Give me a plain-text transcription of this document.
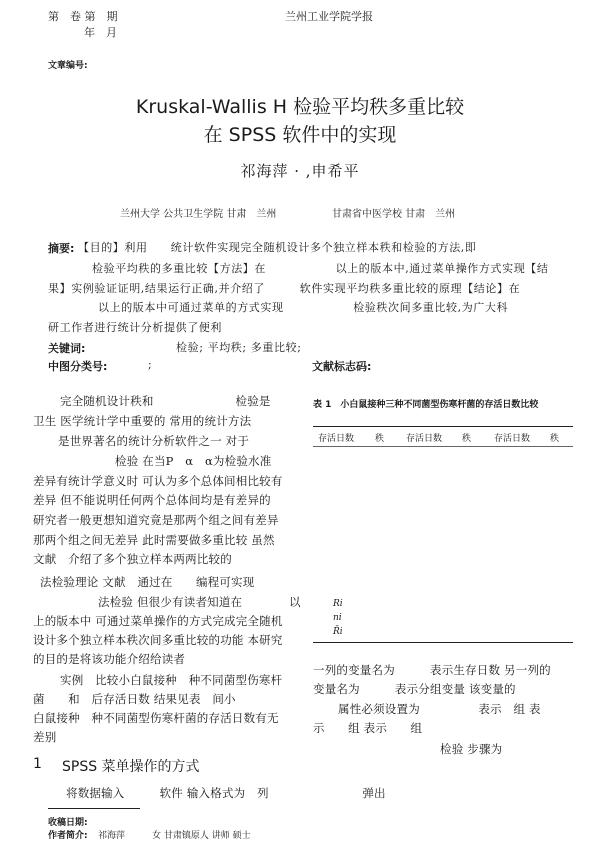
第　卷 第　期
年　月
兰州工业学院学报
文章编号:
Kruskal-Wallis H 检验平均秩多重比较
在 SPSS 软件中的实现
祁海萍 · ,申希平
兰州大学 公共卫生学院 甘肃　兰州	甘肃省中医学校 甘肃　兰州
摘要: 【目的】利用　　统计软件实现完全随机设计多个独立样本秩和检验的方法,即
检验平均秩的多重比较【方法】在　　　　　　以上的版本中,通过菜单操作方式实现【结
果】实例验证证明,结果运行正确,并介绍了　　　软件实现平均秩多重比较的原理【结论】在
以上的版本中可通过菜单的方式实现　　　　　　检验秩次间多重比较,为广大科
研工作者进行统计分析提供了便利
关键词:	检验; 平均秩; 多重比较;
中图分类号:	;	文献标志码:
完全随机设计秩和　　　　　　　检验是
卫生 医学统计学中重要的 常用的统计方法
是世界著名的统计分析软件之一 对于
检验 在当P　α　α为检验水准
差异有统计学意义时 可认为多个总体间相比较有
差异 但不能说明任何两个总体间均是有差异的
研究者一般更想知道究竟是那两个组之间有差异
那两个组之间无差异 此时需要做多重比较 虽然
文献　介绍了多个独立样本两两比较的
法检验理论 文献　通过在　　编程可实现
法检验 但很少有读者知道在　　　　以
上的版本中 可通过菜单操作的方式完成完全随机
设计多个独立样本秩次间多重比较的功能 本研究
的目的是将该功能介绍给读者
实例　比较小白鼠接种　种不同菌型伤寒杆
菌　　和　后存活日数 结果见表　间小
白鼠接种　种不同菌型伤寒杆菌的存活日数有无
差别
1 SPSS 菜单操作的方式
将数据输入　　　软件 输入格式为　列　　　　　　　　弹出
表 1　小白鼠接种三种不同菌型伤寒杆菌的存活日数比较
存活日数 秩 存活日数 秩	存活日数 秩
Ri
ni
R̄i
一列的变量名为　　　表示生存日数 另一列的
变量名为　　　表示分组变量 该变量的
属性必须设置为　　　　　表示　组 表
示　　组 表示　　组
检验 步骤为
收稿日期:
作者简介: 祁海萍　　　女 甘肃镇原人 讲师 硕士
